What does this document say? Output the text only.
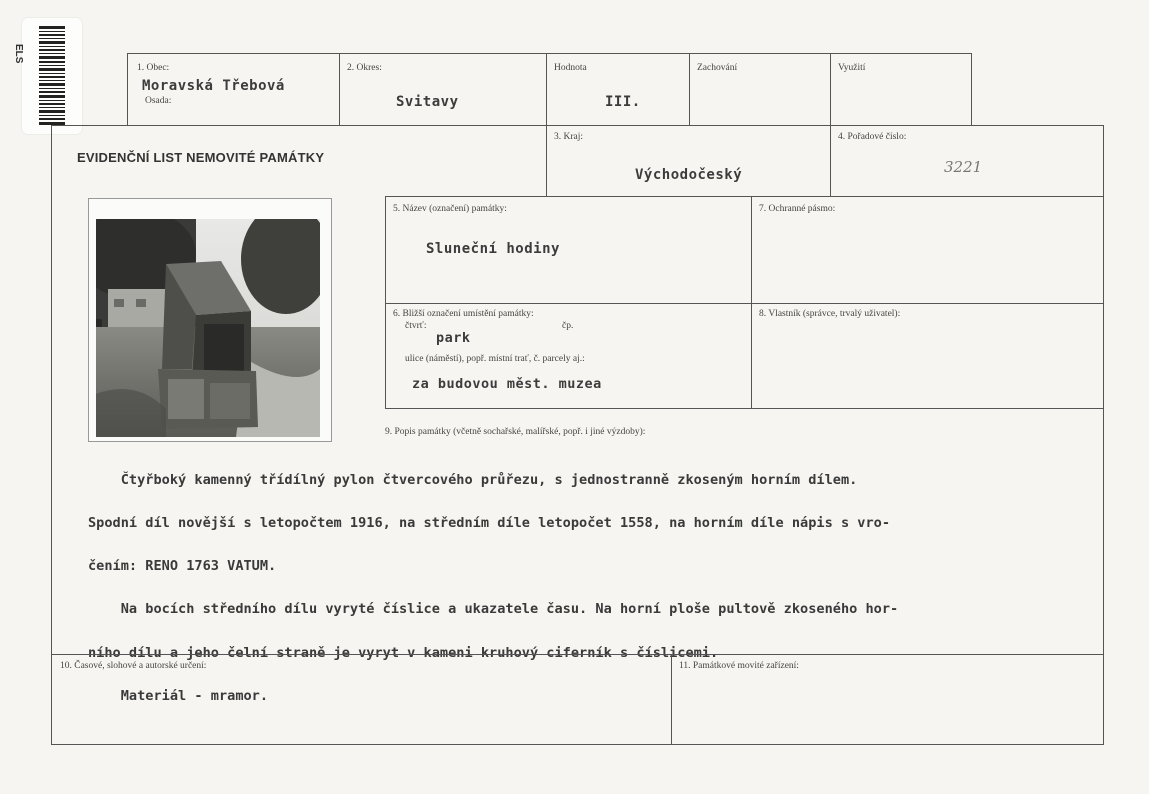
ELS
1. Obec:
Moravská Třebová
Osada:
2. Okres:
Svitavy
Hodnota
III.
Zachování	Využití
EVIDENČNÍ LIST NEMOVITÉ PAMÁTKY
3. Kraj:
Východočeský
4. Pořadové číslo:
3221
5. Název (označení) památky:
Sluneční hodiny
7. Ochranné pásmo:
6. Bližší označení umístění památky:
čtvrť:
park
čp.
ulice (náměstí), popř. místní trať, č. parcely aj.:
za budovou měst. muzea
8. Vlastník (správce, trvalý uživatel):
9. Popis památky (včetně sochařské, malířské, popř. i jiné výzdoby):

Čtyřboký kamenný třídílný pylon čtvercového průřezu, s jednostranně zkoseným horním dílem.

Spodní díl novější s letopočtem 1916, na středním díle letopočet 1558, na horním díle nápis s vro-

čením: RENO 1763 VATUM.

Na bocích středního dílu vyryté číslice a ukazatele času. Na horní ploše pultově zkoseného hor-

ního dílu a jeho čelní straně je vyryt v kameni kruhový ciferník s číslicemi.

Materiál - mramor.

10. Časové, slohové a autorské určení:	11. Památkové movité zařízení:
